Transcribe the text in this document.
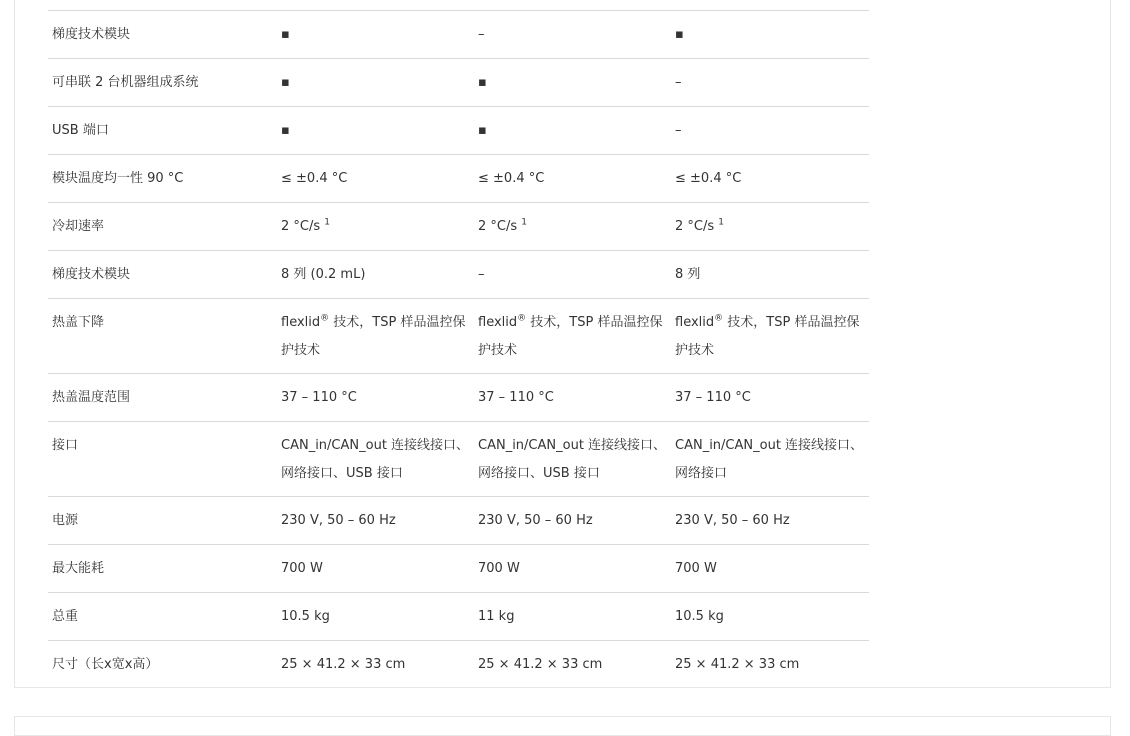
梯度技术模块	▪	–	▪
可串联 2 台机器组成系统	▪	▪	–
USB 端口	▪	▪	–
模块温度均一性 90 °C	≤ ±0.4 °C	≤ ±0.4 °C	≤ ±0.4 °C
冷却速率	2 °C/s $^1$	2 °C/s $^1$	2 °C/s $^1$
梯度技术模块	8 列 (0.2 mL)	–	8 列
热盖下降	flexlid® 技术，TSP 样品温控保护技术	flexlid® 技术，TSP 样品温控保护技术	flexlid® 技术，TSP 样品温控保护技术
热盖温度范围	37 – 110 °C	37 – 110 °C	37 – 110 °C
接口	CAN_in/CAN_out 连接线接口、网络接口、USB 接口	CAN_in/CAN_out 连接线接口、网络接口、USB 接口	CAN_in/CAN_out 连接线接口、网络接口
电源	230 V, 50 – 60 Hz	230 V, 50 – 60 Hz	230 V, 50 – 60 Hz
最大能耗	700 W	700 W	700 W
总重	10.5 kg	11 kg	10.5 kg
尺寸（长x宽x高）	25 × 41.2 × 33 cm	25 × 41.2 × 33 cm	25 × 41.2 × 33 cm
